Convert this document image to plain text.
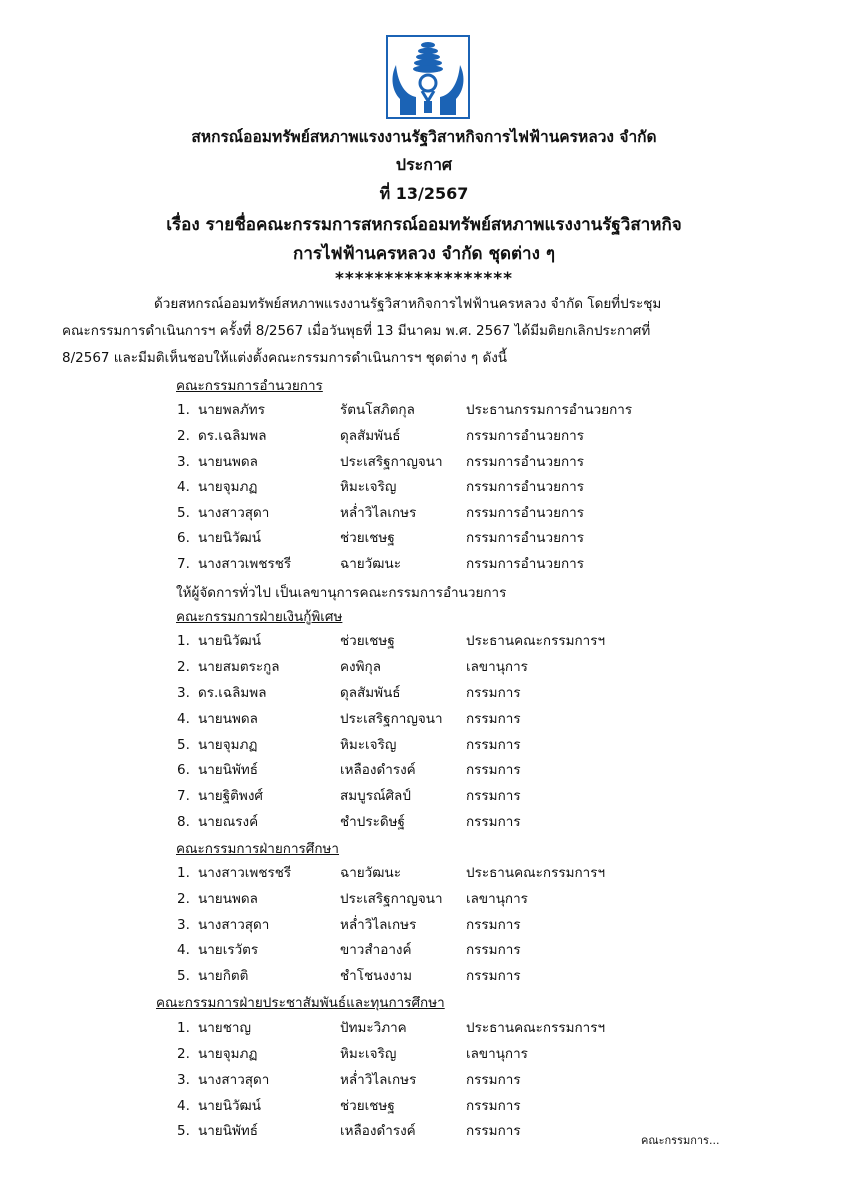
สหกรณ์ออมทรัพย์สหภาพแรงงานรัฐวิสาหกิจการไฟฟ้านครหลวง จำกัด
ประกาศ
ที่ 13/2567
เรื่อง รายชื่อคณะกรรมการสหกรณ์ออมทรัพย์สหภาพแรงงานรัฐวิสาหกิจ
การไฟฟ้านครหลวง จำกัด ชุดต่าง ๆ
******************
ด้วยสหกรณ์ออมทรัพย์สหภาพแรงงานรัฐวิสาหกิจการไฟฟ้านครหลวง จำกัด โดยที่ประชุม
คณะกรรมการดำเนินการฯ ครั้งที่ 8/2567 เมื่อวันพุธที่ 13 มีนาคม พ.ศ. 2567 ได้มีมติยกเลิกประกาศที่
8/2567 และมีมติเห็นชอบให้แต่งตั้งคณะกรรมการดำเนินการฯ ชุดต่าง ๆ ดังนี้
คณะกรรมการอำนวยการ
1. นายพลภัทร	รัตนโสภิตกุล	ประธานกรรมการอำนวยการ
2. ดร.เฉลิมพล	ดุลสัมพันธ์	กรรมการอำนวยการ
3. นายนพดล	ประเสริฐกาญจนา กรรมการอำนวยการ
4. นายจุมภฏ	หิมะเจริญ	กรรมการอำนวยการ
5. นางสาวสุดา	หล่ำวิไลเกษร	กรรมการอำนวยการ
6. นายนิวัฒน์	ช่วยเชษฐ	กรรมการอำนวยการ
7. นางสาวเพชรชรี	ฉายวัฒนะ	กรรมการอำนวยการ
ให้ผู้จัดการทั่วไป เป็นเลขานุการคณะกรรมการอำนวยการ
คณะกรรมการฝ่ายเงินกู้พิเศษ
1. นายนิวัฒน์	ช่วยเชษฐ	ประธานคณะกรรมการฯ
2. นายสมตระกูล	คงพิกุล	เลขานุการ
3. ดร.เฉลิมพล	ดุลสัมพันธ์	กรรมการ
4. นายนพดล	ประเสริฐกาญจนา กรรมการ
5. นายจุมภฏ	หิมะเจริญ	กรรมการ
6. นายนิพัทธ์	เหลืองดำรงค์	กรรมการ
7. นายฐิติพงศ์	สมบูรณ์ศิลป์	กรรมการ
8. นายณรงค์	ชำประดิษฐ์	กรรมการ
คณะกรรมการฝ่ายการศึกษา
1. นางสาวเพชรชรี	ฉายวัฒนะ	ประธานคณะกรรมการฯ
2. นายนพดล	ประเสริฐกาญจนา เลขานุการ
3. นางสาวสุดา	หล่ำวิไลเกษร	กรรมการ
4. นายเรวัตร	ขาวสำอางค์	กรรมการ
5. นายกิตติ	ชำโชนงงาม	กรรมการ
คณะกรรมการฝ่ายประชาสัมพันธ์และทุนการศึกษา
1. นายชาญ	ปัทมะวิภาค	ประธานคณะกรรมการฯ
2. นายจุมภฏ	หิมะเจริญ	เลขานุการ
3. นางสาวสุดา	หล่ำวิไลเกษร	กรรมการ
4. นายนิวัฒน์	ช่วยเชษฐ	กรรมการ
5. นายนิพัทธ์	เหลืองดำรงค์	กรรมการ
คณะกรรมการ...
